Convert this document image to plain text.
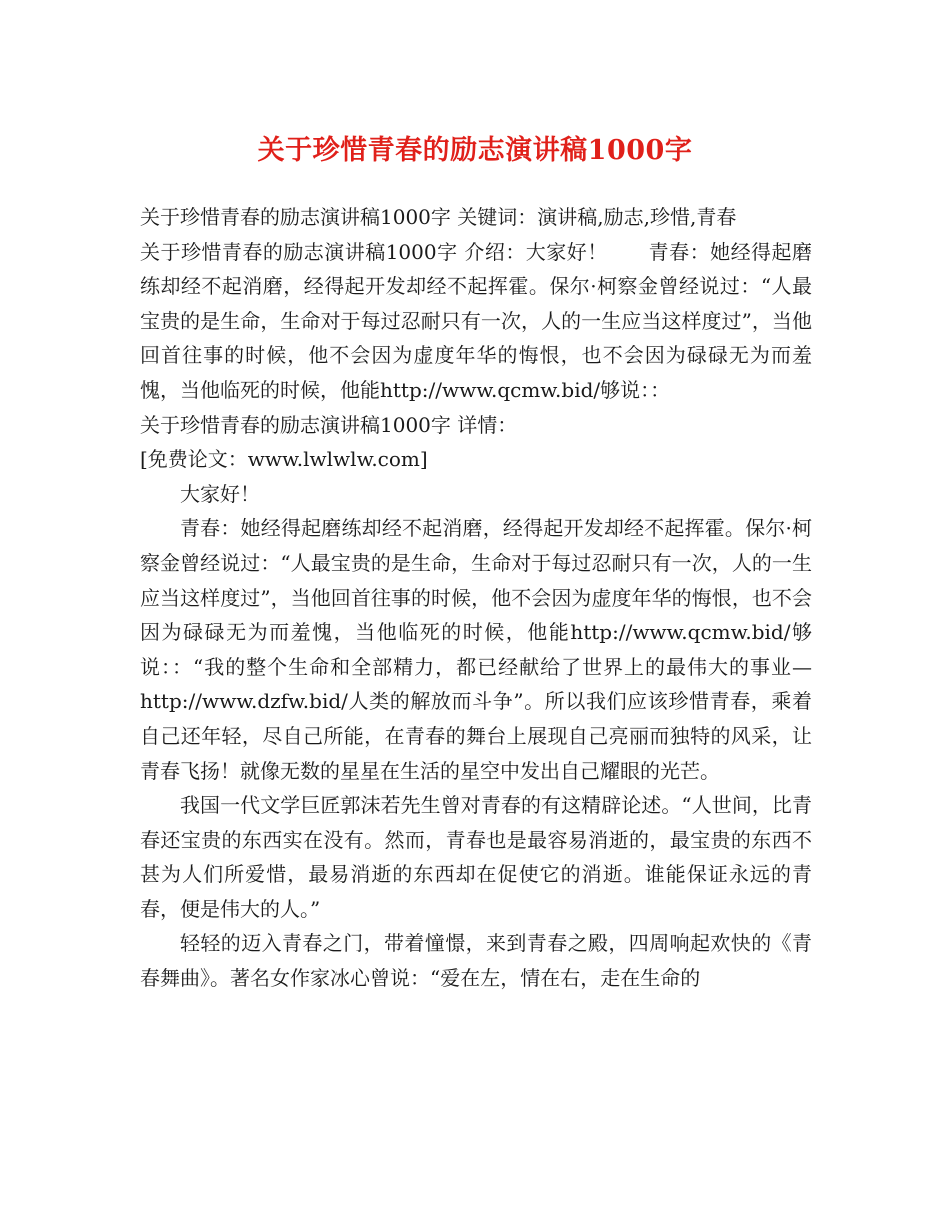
关于珍惜青春的励志演讲稿1000字

关于珍惜青春的励志演讲稿1000字 关键词：演讲稿,励志,珍惜,青春

关于珍惜青春的励志演讲稿1000字 介绍：大家好！　　青春：她经得起磨练却经不起消磨，经得起开发却经不起挥霍。保尔·柯察金曾经说过：“人最宝贵的是生命，生命对于每过忍耐只有一次，人的一生应当这样度过”，当他回首往事的时候，他不会因为虚度年华的悔恨，也不会因为碌碌无为而羞愧，当他临死的时候，他能http://www.qcmw.bid/够说：：

关于珍惜青春的励志演讲稿1000字 详情：

[免费论文：www.lwlwlw.com]

大家好！

青春：她经得起磨练却经不起消磨，经得起开发却经不起挥霍。保尔·柯察金曾经说过：“人最宝贵的是生命，生命对于每过忍耐只有一次，人的一生应当这样度过”，当他回首往事的时候，他不会因为虚度年华的悔恨，也不会因为碌碌无为而羞愧，当他临死的时候，他能http://www.qcmw.bid/够说：：“我的整个生命和全部精力，都已经献给了世界上的最伟大的事业—http://www.dzfw.bid/人类的解放而斗争”。所以我们应该珍惜青春，乘着自己还年轻，尽自己所能，在青春的舞台上展现自己亮丽而独特的风采，让青春飞扬！就像无数的星星在生活的星空中发出自己耀眼的光芒。

我国一代文学巨匠郭沫若先生曾对青春的有这精辟论述。“人世间，比青春还宝贵的东西实在没有。然而，青春也是最容易消逝的，最宝贵的东西不甚为人们所爱惜，最易消逝的东西却在促使它的消逝。谁能保证永远的青春，便是伟大的人。”

轻轻的迈入青春之门，带着憧憬，来到青春之殿，四周响起欢快的《青春舞曲》。著名女作家冰心曾说：“爱在左，情在右，走在生命的
